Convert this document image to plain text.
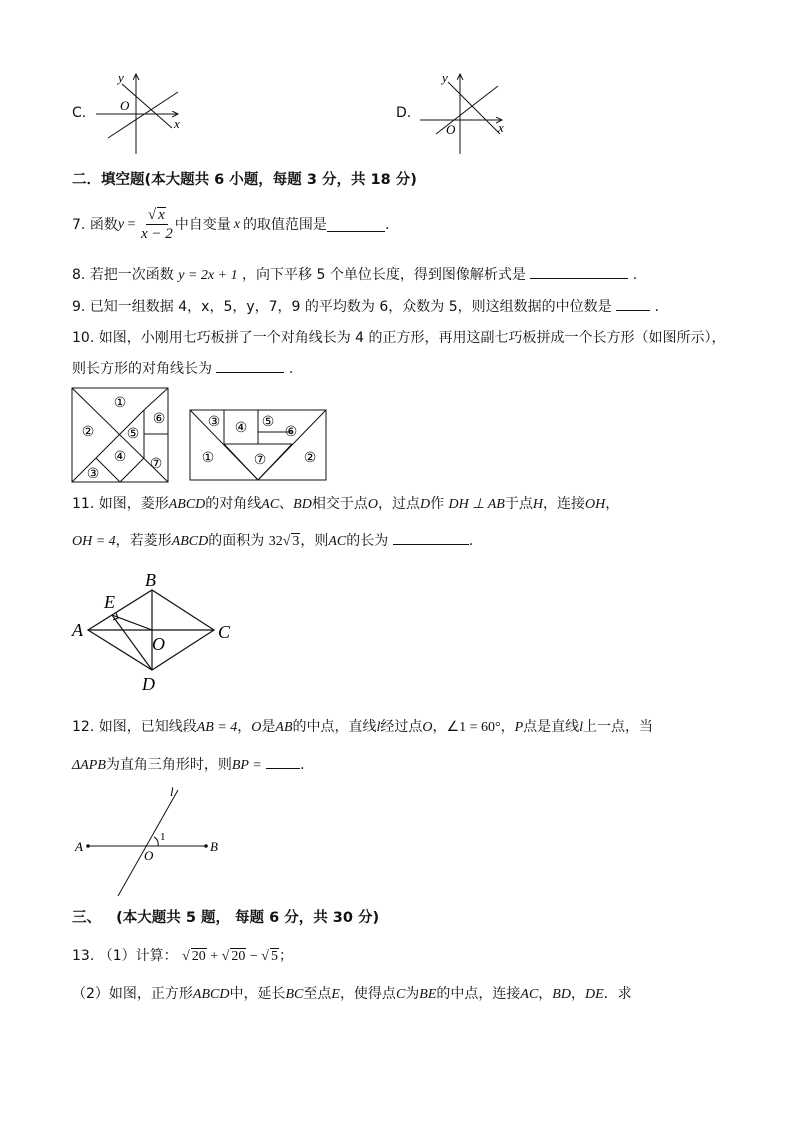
C.
y
x
O	D.
y
x
O
二．填空题(本大题共 6 小题，每题 3 分，共 18 分)
7.
函数 $y = \frac{√ x}{x - 2}$ 中自变量 x 的取值范围是	.
8. 若把一次函数 y = 2x + 1 ，向下平移 5 个单位长度，得到图像解析式是	.
9. 已知一组数据 4，x，5，y，7，9 的平均数为 6，众数为 5，则这组数据的中位数是	.
10. 如图，小刚用七巧板拼了一个对角线长为 4 的正方形，再用这副七巧板拼成一个长方形（如图所示），
则长方形的对角线长为	.
①
②
③
④
⑤
⑥
⑦	①	②
③ ④ ⑤
⑥
⑦
11. 如图，菱形ABCD的对角线AC、BD相交于点O，过点D作 DH ⊥ AB于点H，连接OH，
OH = 4，若菱形ABCD的面积为 32√ 3，则AC的长为	.
A
B
C
D
E
O
12. 如图，已知线段AB = 4，O是AB的中点，直线l经过点O，∠1 = 60°，P点是直线l上一点，当
ΔAPB为直角三角形时，则BP =	.
A	B
O
l
1
三、 (本大题共 5 题， 每题 6 分，共 30 分)
13. （1）计算： √ 20 + √ 20 − √ 5；
（2）如图，正方形ABCD中，延长BC至点E，使得点C为BE的中点，连接AC，BD，DE．求
